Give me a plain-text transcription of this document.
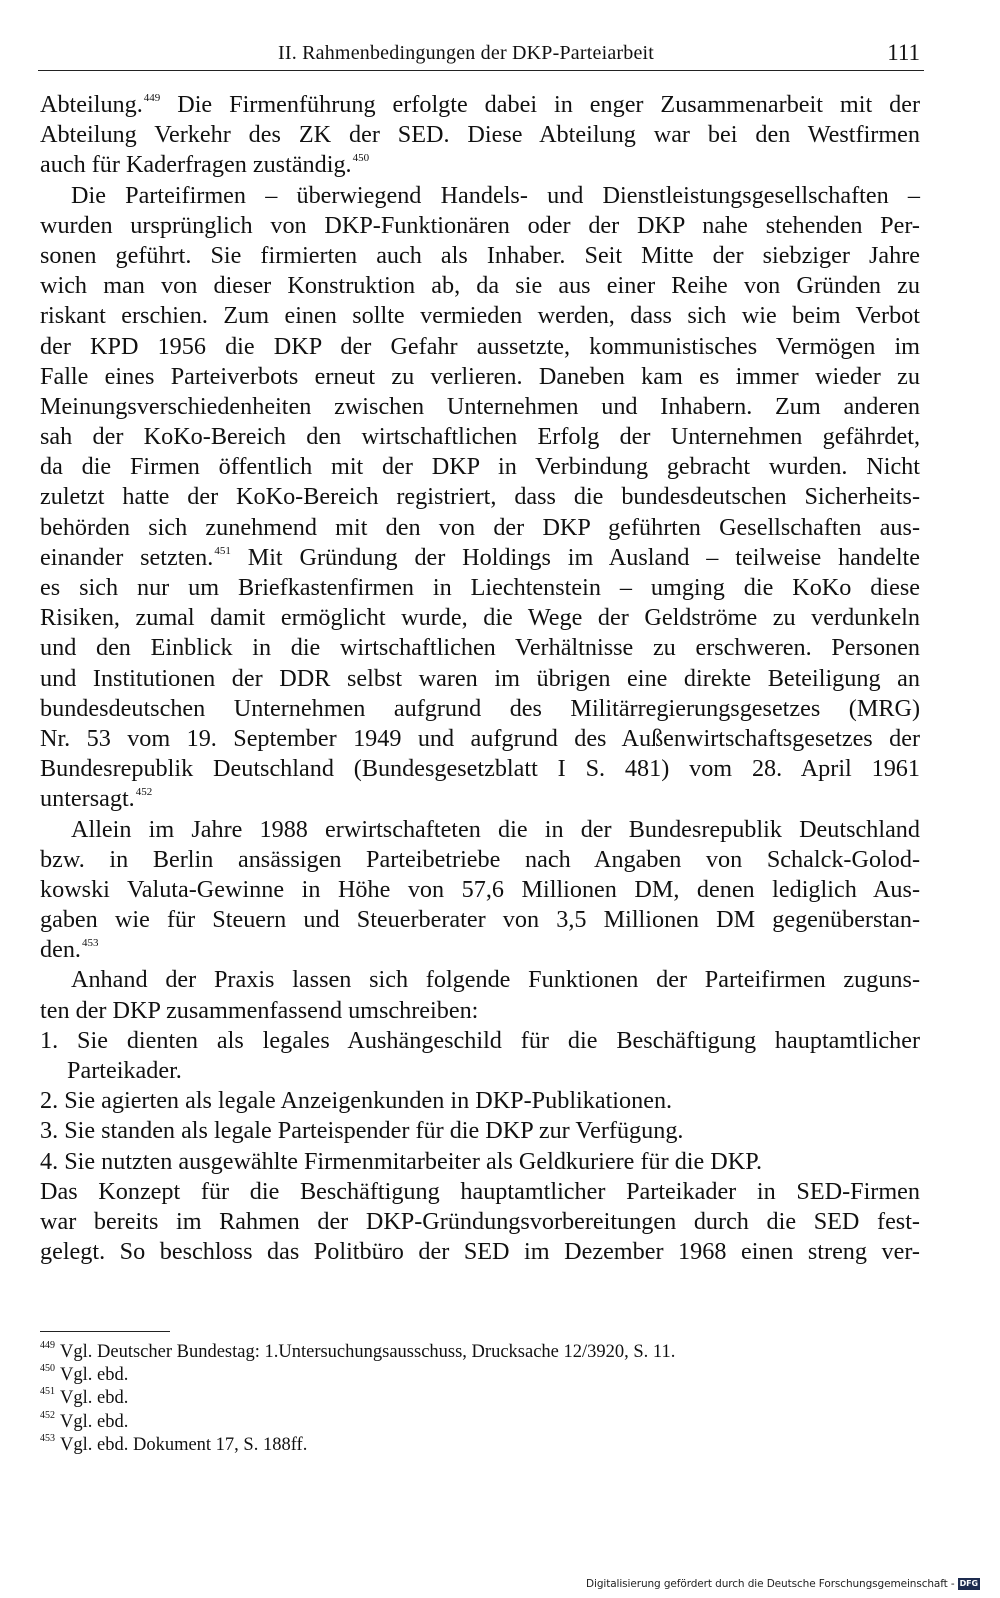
II. Rahmenbedingungen der DKP-Parteiarbeit	111
Abteilung.$^{449}$ Die Firmenführung erfolgte dabei in enger Zusammenarbeit mit der
Abteilung Verkehr des ZK der SED. Diese Abteilung war bei den Westfirmen
auch für Kaderfragen zuständig.$^{450}$
Die Parteifirmen – überwiegend Handels- und Dienstleistungsgesellschaften –
wurden ursprünglich von DKP-Funktionären oder der DKP nahe stehenden Per-
sonen geführt. Sie firmierten auch als Inhaber. Seit Mitte der siebziger Jahre
wich man von dieser Konstruktion ab, da sie aus einer Reihe von Gründen zu
riskant erschien. Zum einen sollte vermieden werden, dass sich wie beim Verbot
der KPD 1956 die DKP der Gefahr aussetzte, kommunistisches Vermögen im
Falle eines Parteiverbots erneut zu verlieren. Daneben kam es immer wieder zu
Meinungsverschiedenheiten zwischen Unternehmen und Inhabern. Zum anderen
sah der KoKo-Bereich den wirtschaftlichen Erfolg der Unternehmen gefährdet,
da die Firmen öffentlich mit der DKP in Verbindung gebracht wurden. Nicht
zuletzt hatte der KoKo-Bereich registriert, dass die bundesdeutschen Sicherheits-
behörden sich zunehmend mit den von der DKP geführten Gesellschaften aus-
einander setzten.$^{451}$ Mit Gründung der Holdings im Ausland – teilweise handelte
es sich nur um Briefkastenfirmen in Liechtenstein – umging die KoKo diese
Risiken, zumal damit ermöglicht wurde, die Wege der Geldströme zu verdunkeln
und den Einblick in die wirtschaftlichen Verhältnisse zu erschweren. Personen
und Institutionen der DDR selbst waren im übrigen eine direkte Beteiligung an
bundesdeutschen Unternehmen aufgrund des Militärregierungsgesetzes (MRG)
Nr. 53 vom 19. September 1949 und aufgrund des Außenwirtschaftsgesetzes der
Bundesrepublik Deutschland (Bundesgesetzblatt I S. 481) vom 28. April 1961
untersagt.$^{452}$
Allein im Jahre 1988 erwirtschafteten die in der Bundesrepublik Deutschland
bzw. in Berlin ansässigen Parteibetriebe nach Angaben von Schalck-Golod-
kowski Valuta-Gewinne in Höhe von 57,6 Millionen DM, denen lediglich Aus-
gaben wie für Steuern und Steuerberater von 3,5 Millionen DM gegenüberstan-
den.$^{453}$
Anhand der Praxis lassen sich folgende Funktionen der Parteifirmen zuguns-
ten der DKP zusammenfassend umschreiben:
1. Sie dienten als legales Aushängeschild für die Beschäftigung hauptamtlicher
Parteikader.
2. Sie agierten als legale Anzeigenkunden in DKP-Publikationen.
3. Sie standen als legale Parteispender für die DKP zur Verfügung.
4. Sie nutzten ausgewählte Firmenmitarbeiter als Geldkuriere für die DKP.
Das Konzept für die Beschäftigung hauptamtlicher Parteikader in SED-Firmen
war bereits im Rahmen der DKP-Gründungsvorbereitungen durch die SED fest-
gelegt. So beschloss das Politbüro der SED im Dezember 1968 einen streng ver-
$^{449}$ Vgl. Deutscher Bundestag: 1.Untersuchungsausschuss, Drucksache 12/3920, S. 11.
$^{450}$ Vgl. ebd.
$^{451}$ Vgl. ebd.
$^{452}$ Vgl. ebd.
$^{453}$ Vgl. ebd. Dokument 17, S. 188ff.
Digitalisierung gefördert durch die Deutsche Forschungsgemeinschaft - DFG
